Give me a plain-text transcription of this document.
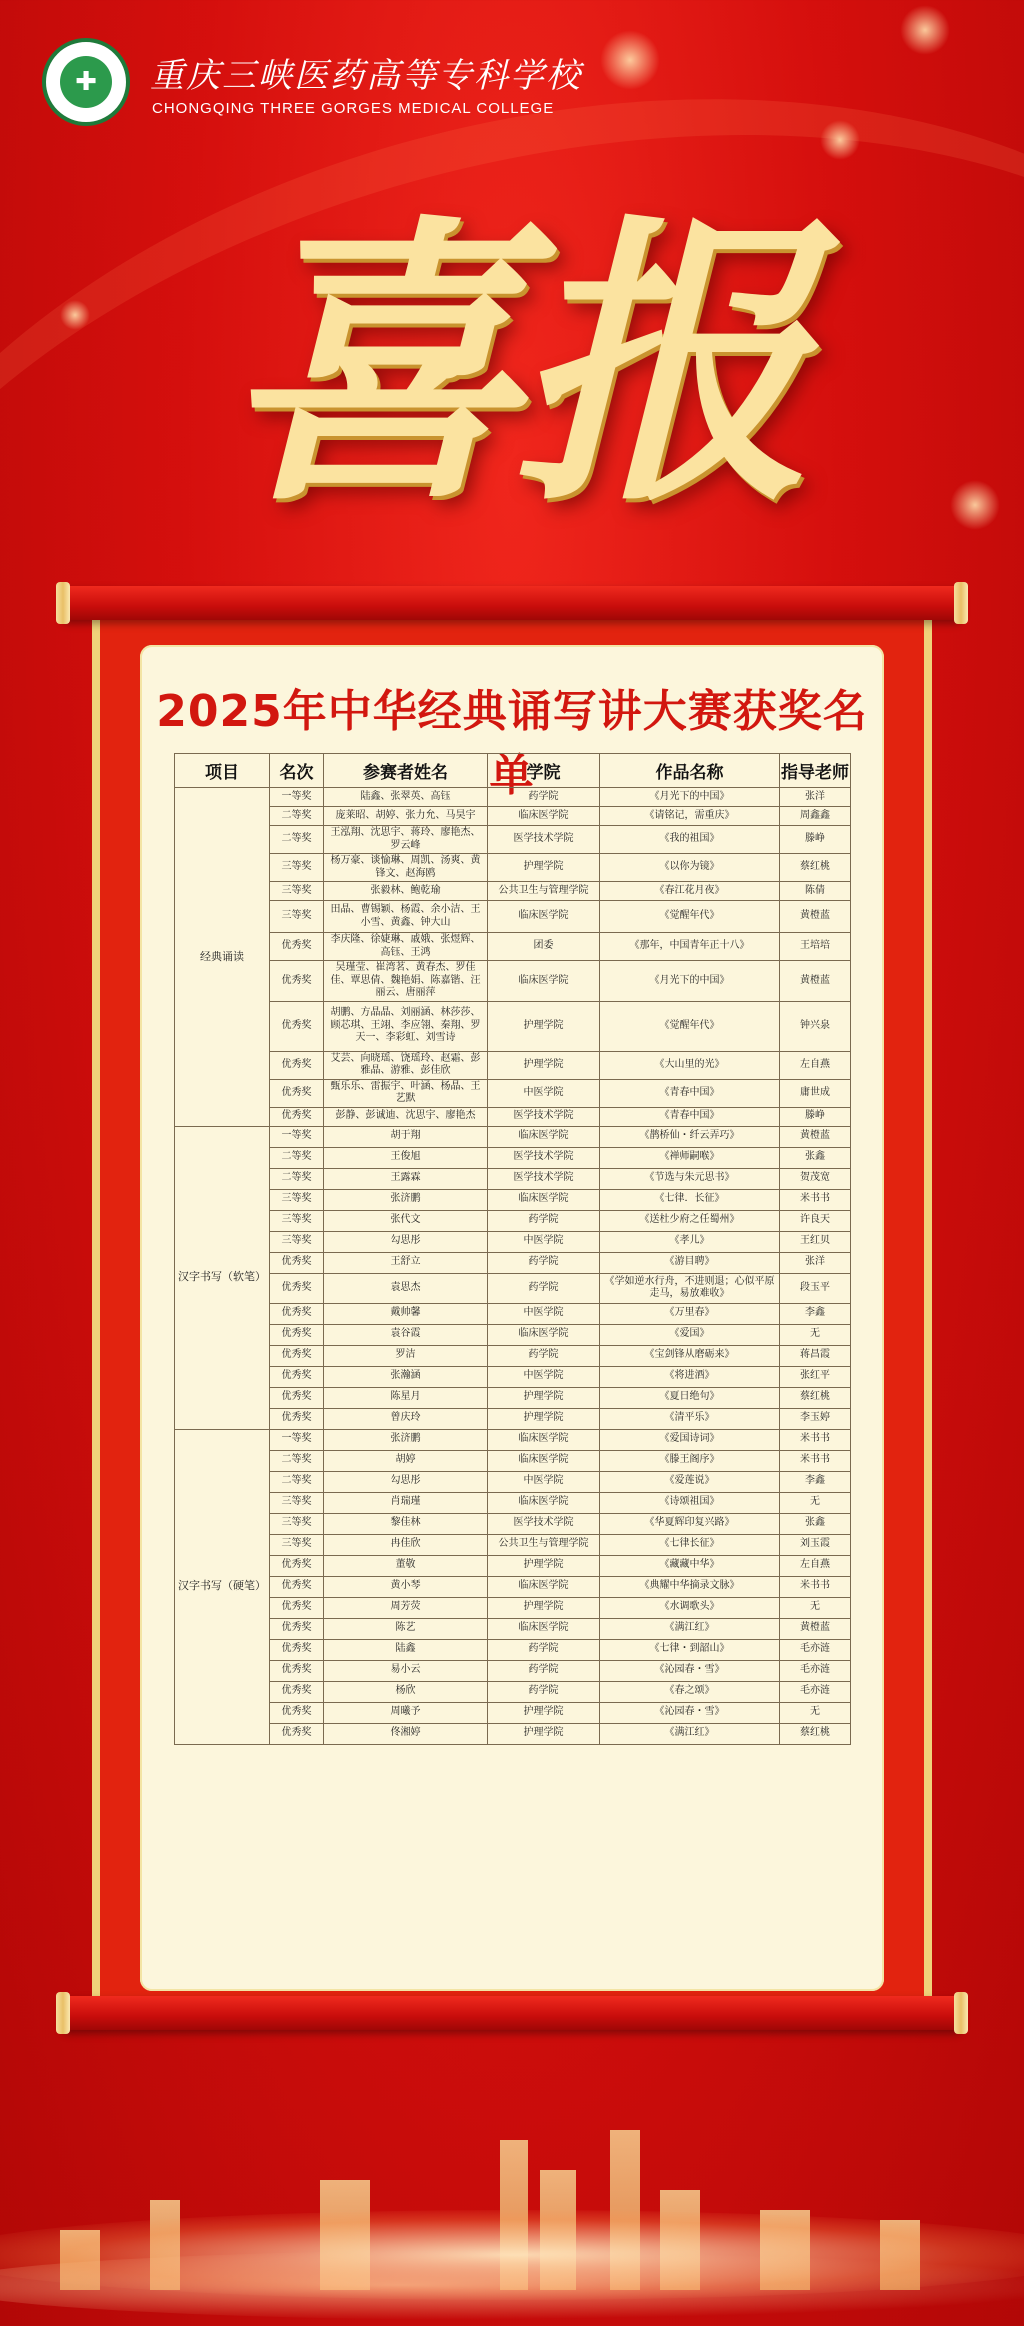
✚	重庆三峡医药高等专科学校
CHONGQING THREE GORGES MEDICAL COLLEGE
喜报
2025年中华经典诵写讲大赛获奖名单
项目	名次	参赛者姓名	学院	作品名称	指导老师
经典诵读	一等奖	陆鑫、张翠英、高钰	药学院	《月光下的中国》	张洋
	二等奖	庞莱昭、胡婷、张力允、马昊宇	临床医学院	《请铭记，需重庆》	周鑫鑫
	二等奖	王泓翔、沈思宇、蒋玲、廖艳杰、罗云峰	医学技术学院	《我的祖国》	滕峥
	三等奖	杨万豪、谈愉琳、周凯、汤爽、黄锋文、赵海鸥	护理学院	《以你为镜》	蔡红桃
	三等奖	张毅林、鲍乾瑜	公共卫生与管理学院	《春江花月夜》	陈倩
	三等奖	田晶、曹锡颖、杨霞、余小洁、王小雪、黄鑫、钟大山	临床医学院	《觉醒年代》	黄橙蓝
	优秀奖	李庆隆、徐婕琳、戚娥、张煜辉、高钰、王鸿	团委	《那年，中国青年正十八》	王培培
	优秀奖	吴瑾莹、崔湾茗、黄春杰、罗佳佳、覃思倩、魏艳娟、陈嘉锴、汪丽云、唐丽萍	临床医学院	《月光下的中国》	黄橙蓝
	优秀奖	胡鹏、方晶晶、刘丽涵、林莎莎、顾芯琪、王翊、李应翎、秦翔、罗天一、李彩虹、刘雪诗	护理学院	《觉醒年代》	钟兴泉
	优秀奖	艾芸、向晓瑶、饶瑶玲、赵霜、彭雅晶、游雅、彭佳欣	护理学院	《大山里的光》	左自燕
	优秀奖	甄乐乐、雷振宇、叶涵、杨晶、王艺默	中医学院	《青春中国》	庸世成
	优秀奖	彭静、彭诚迪、沈思宇、廖艳杰	医学技术学院	《青春中国》	滕峥
汉字书写（软笔）	一等奖	胡于翔	临床医学院	《鹊桥仙・纤云弄巧》	黄橙蓝
	二等奖	王俊旭	医学技术学院	《禅师嗣喉》	张鑫
	二等奖	王露霖	医学技术学院	《节选与朱元思书》	贺茂宽
	三等奖	张济鹏	临床医学院	《七律．长征》	米书书
	三等奖	张代文	药学院	《送杜少府之任蜀州》	许良天
	三等奖	勾思彤	中医学院	《孝儿》	王红贝
	优秀奖	王舒立	药学院	《游目聘》	张洋
	优秀奖	袁思杰	药学院	《学如逆水行舟，不进则退；心似平原走马，易放难收》	段玉平
	优秀奖	戴帅馨	中医学院	《万里春》	李鑫
	优秀奖	袁谷霞	临床医学院	《爱国》	无
	优秀奖	罗洁	药学院	《宝剑锋从磨砺来》	蒋昌霞
	优秀奖	张瀚涵	中医学院	《将进酒》	张红平
	优秀奖	陈星月	护理学院	《夏日绝句》	蔡红桃
	优秀奖	曾庆玲	护理学院	《清平乐》	李玉婷
汉字书写（硬笔）	一等奖	张济鹏	临床医学院	《爱国诗词》	米书书
	二等奖	胡婷	临床医学院	《滕王阁序》	米书书
	二等奖	勾思彤	中医学院	《爱莲说》	李鑫
	三等奖	肖瑞瑾	临床医学院	《诗颂祖国》	无
	三等奖	黎佳林	医学技术学院	《华夏辉印复兴路》	张鑫
	三等奖	冉佳欣	公共卫生与管理学院	《七律长征》	刘玉霞
	优秀奖	董敬	护理学院	《藏藏中华》	左自燕
	优秀奖	黄小琴	临床医学院	《典耀中华摘录文脉》	米书书
	优秀奖	周芳荧	护理学院	《水调歌头》	无
	优秀奖	陈艺	临床医学院	《满江红》	黄橙蓝
	优秀奖	陆鑫	药学院	《七律・到韶山》	毛亦涟
	优秀奖	易小云	药学院	《沁园春・雪》	毛亦涟
	优秀奖	杨欣	药学院	《春之颂》	毛亦涟
	优秀奖	周曦予	护理学院	《沁园春・雪》	无
	优秀奖	佟湘婷	护理学院	《满江红》	蔡红桃
